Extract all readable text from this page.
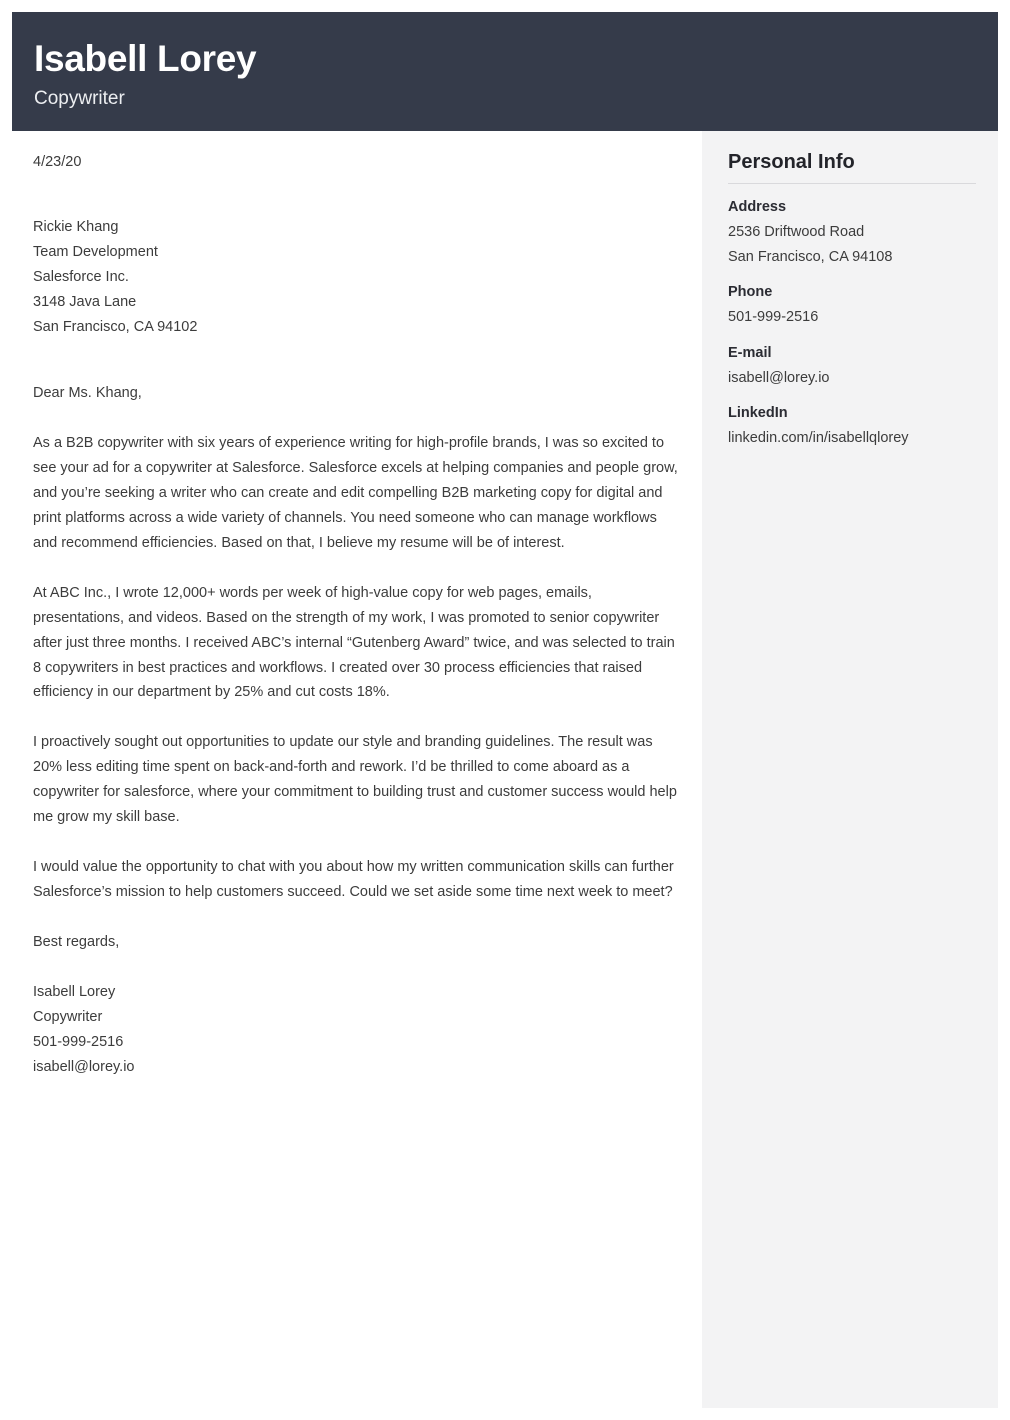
Isabell Lorey

Copywriter

4/23/20
Rickie Khang
Team Development
Salesforce Inc.
3148 Java Lane
San Francisco, CA 94102
Dear Ms. Khang,

As a B2B copywriter with six years of experience writing for high-profile brands, I was so excited to see your ad for a copywriter at Salesforce. Salesforce excels at helping companies and people grow, and you’re seeking a writer who can create and edit compelling B2B marketing copy for digital and print platforms across a wide variety of channels. You need someone who can manage workflows and recommend efficiencies. Based on that, I believe my resume will be of interest.

At ABC Inc., I wrote 12,000+ words per week of high-value copy for web pages, emails, presentations, and videos. Based on the strength of my work, I was promoted to senior copywriter after just three months. I received ABC’s internal “Gutenberg Award” twice, and was selected to train 8 copywriters in best practices and workflows. I created over 30 process efficiencies that raised efficiency in our department by 25% and cut costs 18%.

I proactively sought out opportunities to update our style and branding guidelines. The result was 20% less editing time spent on back-and-forth and rework. I’d be thrilled to come aboard as a copywriter for salesforce, where your commitment to building trust and customer success would help me grow my skill base.

I would value the opportunity to chat with you about how my written communication skills can further Salesforce’s mission to help customers succeed. Could we set aside some time next week to meet?

Best regards,
Isabell Lorey
Copywriter
501-999-2516
isabell@lorey.io
Personal Info

Address

2536 Driftwood Road

San Francisco, CA 94108

Phone

501-999-2516

E-mail

isabell@lorey.io

LinkedIn

linkedin.com/in/isabellqlorey
